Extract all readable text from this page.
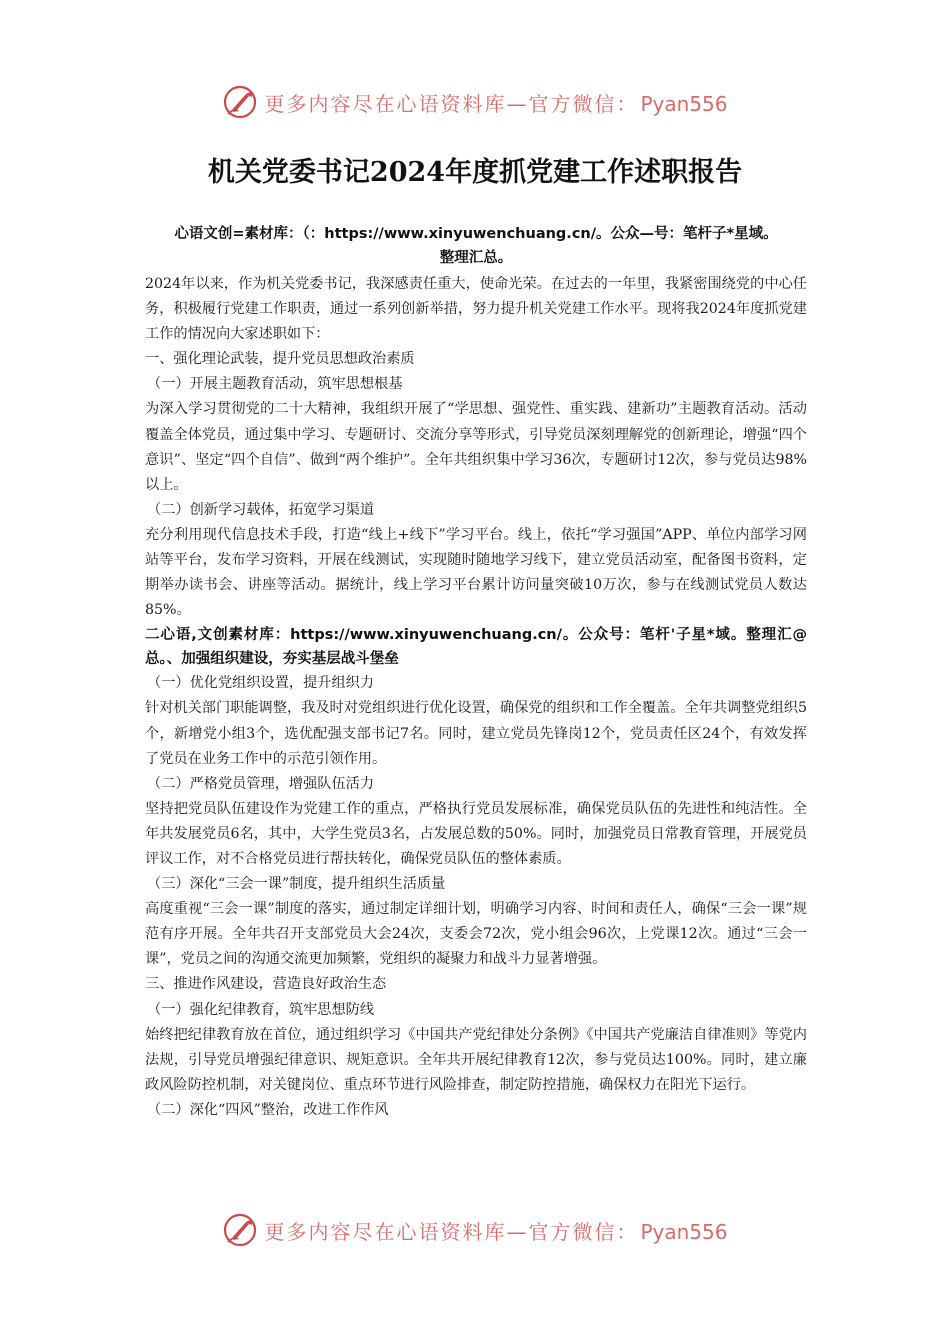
更多内容尽在心语资料库—官方微信： Pyan556
机关党委书记2024年度抓党建工作述职报告

心语文创=素材库：（：https://www.xinyuwenchuang.cn/。公众—号：笔杆子*星域。
整理汇总。

2024年以来，作为机关党委书记，我深感责任重大，使命光荣。在过去的一年里，我紧密围绕党的中心任务，积极履行党建工作职责，通过一系列创新举措，努力提升机关党建工作水平。现将我2024年度抓党建工作的情况向大家述职如下：

一、强化理论武装，提升党员思想政治素质

（一）开展主题教育活动，筑牢思想根基

为深入学习贯彻党的二十大精神，我组织开展了“学思想、强党性、重实践、建新功”主题教育活动。活动覆盖全体党员，通过集中学习、专题研讨、交流分享等形式，引导党员深刻理解党的创新理论，增强“四个意识”、坚定“四个自信”、做到“两个维护”。全年共组织集中学习36次，专题研讨12次，参与党员达98%以上。

（二）创新学习载体，拓宽学习渠道

充分利用现代信息技术手段，打造“线上+线下”学习平台。线上，依托“学习强国”APP、单位内部学习网站等平台，发布学习资料，开展在线测试，实现随时随地学习线下，建立党员活动室，配备图书资料，定期举办读书会、讲座等活动。据统计，线上学习平台累计访问量突破10万次，参与在线测试党员人数达85%。

二心语,文创素材库：https://www.xinyuwenchuang.cn/。公众号：笔杆'子星*域。整理汇@总。、加强组织建设，夯实基层战斗堡垒

（一）优化党组织设置，提升组织力

针对机关部门职能调整，我及时对党组织进行优化设置，确保党的组织和工作全覆盖。全年共调整党组织5个，新增党小组3个，选优配强支部书记7名。同时，建立党员先锋岗12个，党员责任区24个，有效发挥了党员在业务工作中的示范引领作用。

（二）严格党员管理，增强队伍活力

坚持把党员队伍建设作为党建工作的重点，严格执行党员发展标准，确保党员队伍的先进性和纯洁性。全年共发展党员6名，其中，大学生党员3名，占发展总数的50%。同时，加强党员日常教育管理，开展党员评议工作，对不合格党员进行帮扶转化，确保党员队伍的整体素质。

（三）深化“三会一课”制度，提升组织生活质量

高度重视“三会一课”制度的落实，通过制定详细计划，明确学习内容、时间和责任人，确保“三会一课”规范有序开展。全年共召开支部党员大会24次，支委会72次，党小组会96次，上党课12次。通过“三会一课”，党员之间的沟通交流更加频繁，党组织的凝聚力和战斗力显著增强。

三、推进作风建设，营造良好政治生态

（一）强化纪律教育，筑牢思想防线

始终把纪律教育放在首位，通过组织学习《中国共产党纪律处分条例》《中国共产党廉洁自律准则》等党内法规，引导党员增强纪律意识、规矩意识。全年共开展纪律教育12次，参与党员达100%。同时，建立廉政风险防控机制，对关键岗位、重点环节进行风险排查，制定防控措施，确保权力在阳光下运行。

（二）深化“四风”整治，改进工作作风

更多内容尽在心语资料库—官方微信： Pyan556
